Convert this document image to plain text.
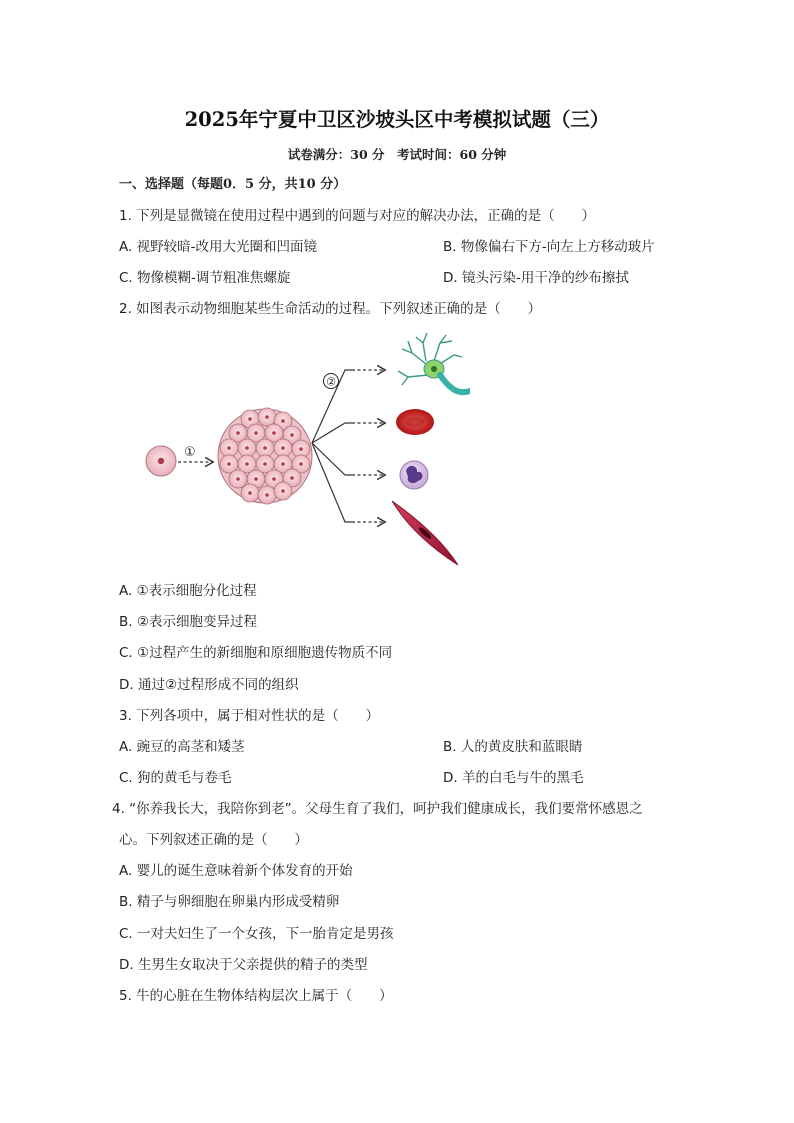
2025年宁夏中卫区沙坡头区中考模拟试题（三）
试卷满分：30 分　考试时间：60 分钟
一、选择题（每题0．5 分，共10 分）
1. 下列是显微镜在使用过程中遇到的问题与对应的解决办法，正确的是（　　）
A. 视野较暗-改用大光圈和凹面镜	B. 物像偏右下方-向左上方移动玻片
C. 物像模糊-调节粗准焦螺旋	D. 镜头污染-用干净的纱布擦拭
2. 如图表示动物细胞某些生命活动的过程。下列叙述正确的是（　　）
①
②
A. ①表示细胞分化过程
B. ②表示细胞变异过程
C. ①过程产生的新细胞和原细胞遗传物质不同
D. 通过②过程形成不同的组织
3. 下列各项中，属于相对性状的是（　　）
A. 豌豆的高茎和矮茎	B. 人的黄皮肤和蓝眼睛
C. 狗的黄毛与卷毛	D. 羊的白毛与牛的黑毛
4. “你养我长大，我陪你到老”。父母生育了我们，呵护我们健康成长，我们要常怀感恩之
心。下列叙述正确的是（　　）
A. 婴儿的诞生意味着新个体发育的开始
B. 精子与卵细胞在卵巢内形成受精卵
C. 一对夫妇生了一个女孩，下一胎肯定是男孩
D. 生男生女取决于父亲提供的精子的类型
5. 牛的心脏在生物体结构层次上属于（　　）
